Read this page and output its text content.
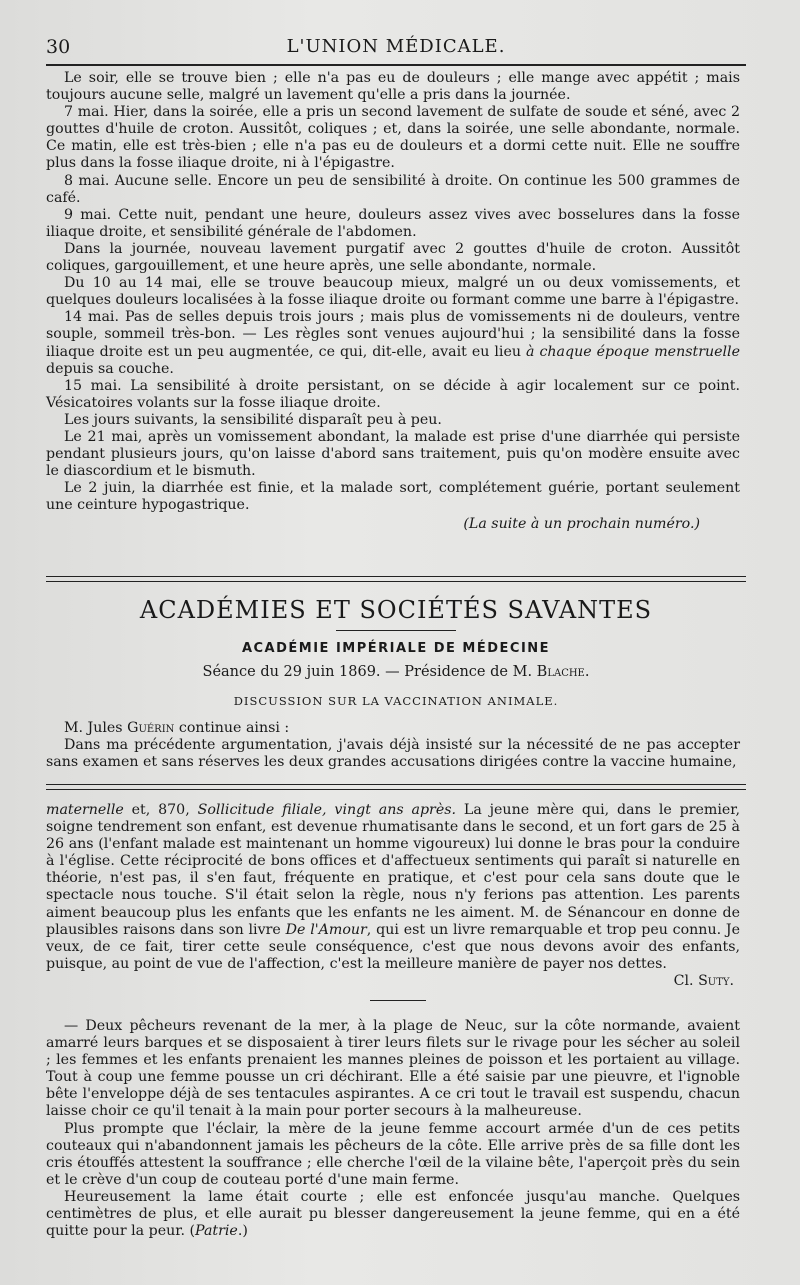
30	L'UNION MÉDICALE.

Le soir, elle se trouve bien ; elle n'a pas eu de douleurs ; elle mange avec appétit ; mais toujours aucune selle, malgré un lavement qu'elle a pris dans la journée.

7 mai. Hier, dans la soirée, elle a pris un second lavement de sulfate de soude et séné, avec 2 gouttes d'huile de croton. Aussitôt, coliques ; et, dans la soirée, une selle abondante, normale. Ce matin, elle est très-bien ; elle n'a pas eu de douleurs et a dormi cette nuit. Elle ne souffre plus dans la fosse iliaque droite, ni à l'épigastre.

8 mai. Aucune selle. Encore un peu de sensibilité à droite. On continue les 500 grammes de café.

9 mai. Cette nuit, pendant une heure, douleurs assez vives avec bosselures dans la fosse iliaque droite, et sensibilité générale de l'abdomen.

Dans la journée, nouveau lavement purgatif avec 2 gouttes d'huile de croton. Aussitôt coliques, gargouillement, et une heure après, une selle abondante, normale.

Du 10 au 14 mai, elle se trouve beaucoup mieux, malgré un ou deux vomissements, et quelques douleurs localisées à la fosse iliaque droite ou formant comme une barre à l'épigastre.

14 mai. Pas de selles depuis trois jours ; mais plus de vomissements ni de douleurs, ventre souple, sommeil très-bon. — Les règles sont venues aujourd'hui ; la sensibilité dans la fosse iliaque droite est un peu augmentée, ce qui, dit-elle, avait eu lieu à chaque époque menstruelle depuis sa couche.

15 mai. La sensibilité à droite persistant, on se décide à agir localement sur ce point. Vésicatoires volants sur la fosse iliaque droite.

Les jours suivants, la sensibilité disparaît peu à peu.

Le 21 mai, après un vomissement abondant, la malade est prise d'une diarrhée qui persiste pendant plusieurs jours, qu'on laisse d'abord sans traitement, puis qu'on modère ensuite avec le diascordium et le bismuth.

Le 2 juin, la diarrhée est finie, et la malade sort, complétement guérie, portant seulement une ceinture hypogastrique.

(La suite à un prochain numéro.)
ACADÉMIES ET SOCIÉTÉS SAVANTES
ACADÉMIE IMPÉRIALE DE MÉDECINE
Séance du 29 juin 1869. — Présidence de M. Blache.
DISCUSSION SUR LA VACCINATION ANIMALE.

M. Jules Guérin continue ainsi :

Dans ma précédente argumentation, j'avais déjà insisté sur la nécessité de ne pas accepter sans examen et sans réserves les deux grandes accusations dirigées contre la vaccine humaine,

maternelle et, 870, Sollicitude filiale, vingt ans après. La jeune mère qui, dans le premier, soigne tendrement son enfant, est devenue rhumatisante dans le second, et un fort gars de 25 à 26 ans (l'enfant malade est maintenant un homme vigoureux) lui donne le bras pour la conduire à l'église. Cette réciprocité de bons offices et d'affectueux sentiments qui paraît si naturelle en théorie, n'est pas, il s'en faut, fréquente en pratique, et c'est pour cela sans doute que le spectacle nous touche. S'il était selon la règle, nous n'y ferions pas attention. Les parents aiment beaucoup plus les enfants que les enfants ne les aiment. M. de Sénancour en donne de plausibles raisons dans son livre De l'Amour, qui est un livre remarquable et trop peu connu. Je veux, de ce fait, tirer cette seule conséquence, c'est que nous devons avoir des enfants, puisque, au point de vue de l'affection, c'est la meilleure manière de payer nos dettes.

Cl. Suty.

— Deux pêcheurs revenant de la mer, à la plage de Neuc, sur la côte normande, avaient amarré leurs barques et se disposaient à tirer leurs filets sur le rivage pour les sécher au soleil ; les femmes et les enfants prenaient les mannes pleines de poisson et les portaient au village. Tout à coup une femme pousse un cri déchirant. Elle a été saisie par une pieuvre, et l'ignoble bête l'enveloppe déjà de ses tentacules aspirantes. A ce cri tout le travail est suspendu, chacun laisse choir ce qu'il tenait à la main pour porter secours à la malheureuse.

Plus prompte que l'éclair, la mère de la jeune femme accourt armée d'un de ces petits couteaux qui n'abandonnent jamais les pêcheurs de la côte. Elle arrive près de sa fille dont les cris étouffés attestent la souffrance ; elle cherche l'œil de la vilaine bête, l'aperçoit près du sein et le crève d'un coup de couteau porté d'une main ferme.

Heureusement la lame était courte ; elle est enfoncée jusqu'au manche. Quelques centimètres de plus, et elle aurait pu blesser dangereusement la jeune femme, qui en a été quitte pour la peur. (Patrie.)
